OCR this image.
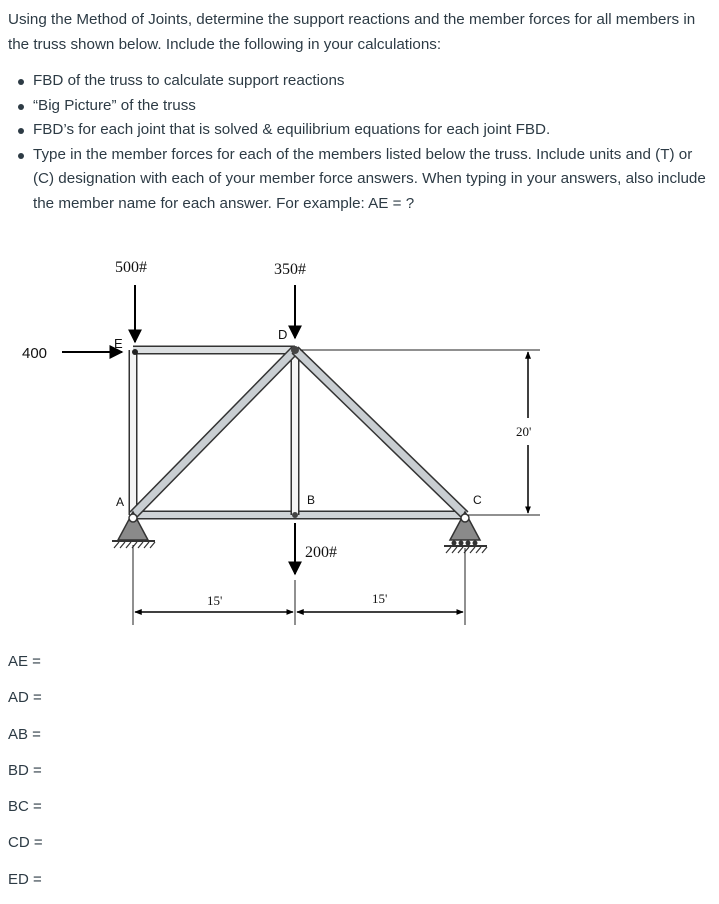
Using the Method of Joints, determine the support reactions and the member forces for all members in the truss shown below. Include the following in your calculations:
FBD of the truss to calculate support reactions
“Big Picture” of the truss
FBD’s for each joint that is solved & equilibrium equations for each joint FBD.
Type in the member forces for each of the members listed below the truss. Include units and (T) or (C) designation with each of your member force answers. When typing in your answers, also include the member name for each answer. For example: AE = ?
500#	350#
400
200#
E
D
A	B	C
20'
15'	15'
AE =
AD =
AB =
BD =
BC =
CD =
ED =
